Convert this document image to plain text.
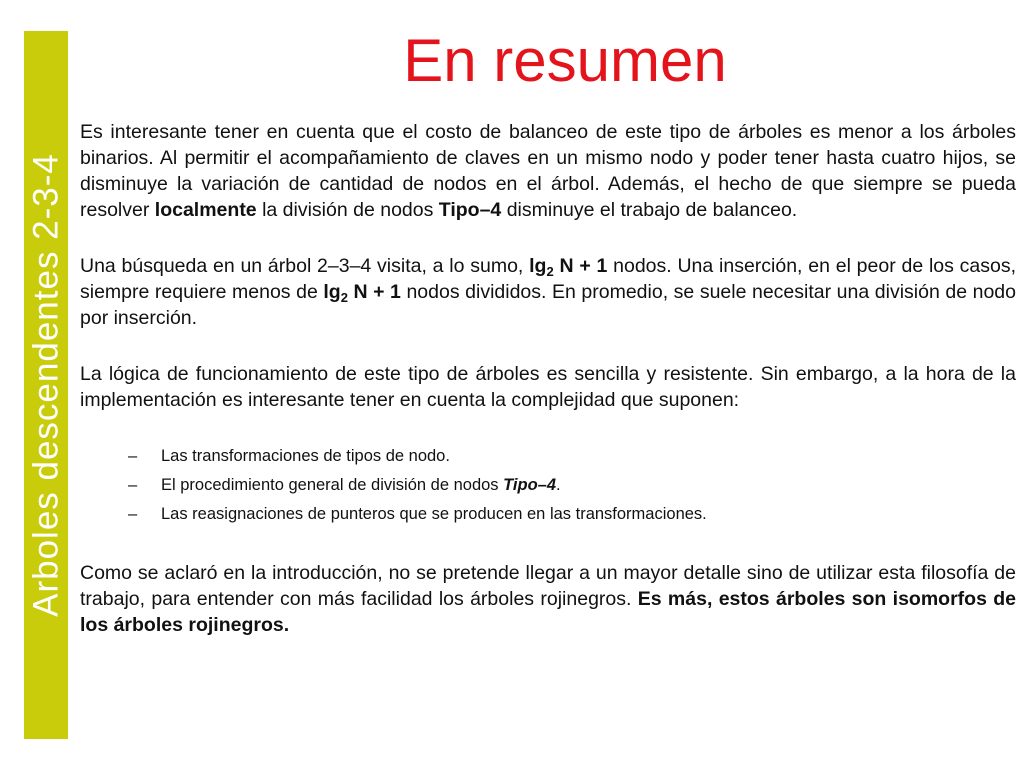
Arboles descendentes 2-3-4
En resumen

Es interesante tener en cuenta que el costo de balanceo de este tipo de árboles es menor a los árboles binarios. Al permitir el acompañamiento de claves en un mismo nodo y poder tener hasta cuatro hijos, se disminuye la variación de cantidad de nodos en el árbol. Además, el hecho de que siempre se pueda resolver localmente la división de nodos Tipo–4 disminuye el trabajo de balanceo.

Una búsqueda en un árbol 2–3–4 visita, a lo sumo, $\lg_2 N + 1$ nodos. Una inserción, en el peor de los casos, siempre requiere menos de $\lg_2 N + 1$ nodos divididos. En promedio, se suele necesitar una división de nodo por inserción.

La lógica de funcionamiento de este tipo de árboles es sencilla y resistente. Sin embargo, a la hora de la implementación es interesante tener en cuenta la complejidad que suponen:

– Las transformaciones de tipos de nodo.
– El procedimiento general de división de nodos Tipo–4.
– Las reasignaciones de punteros que se producen en las transformaciones.

Como se aclaró en la introducción, no se pretende llegar a un mayor detalle sino de utilizar esta filosofía de trabajo, para entender con más facilidad los árboles rojinegros. Es más, estos árboles son isomorfos de los árboles rojinegros.
